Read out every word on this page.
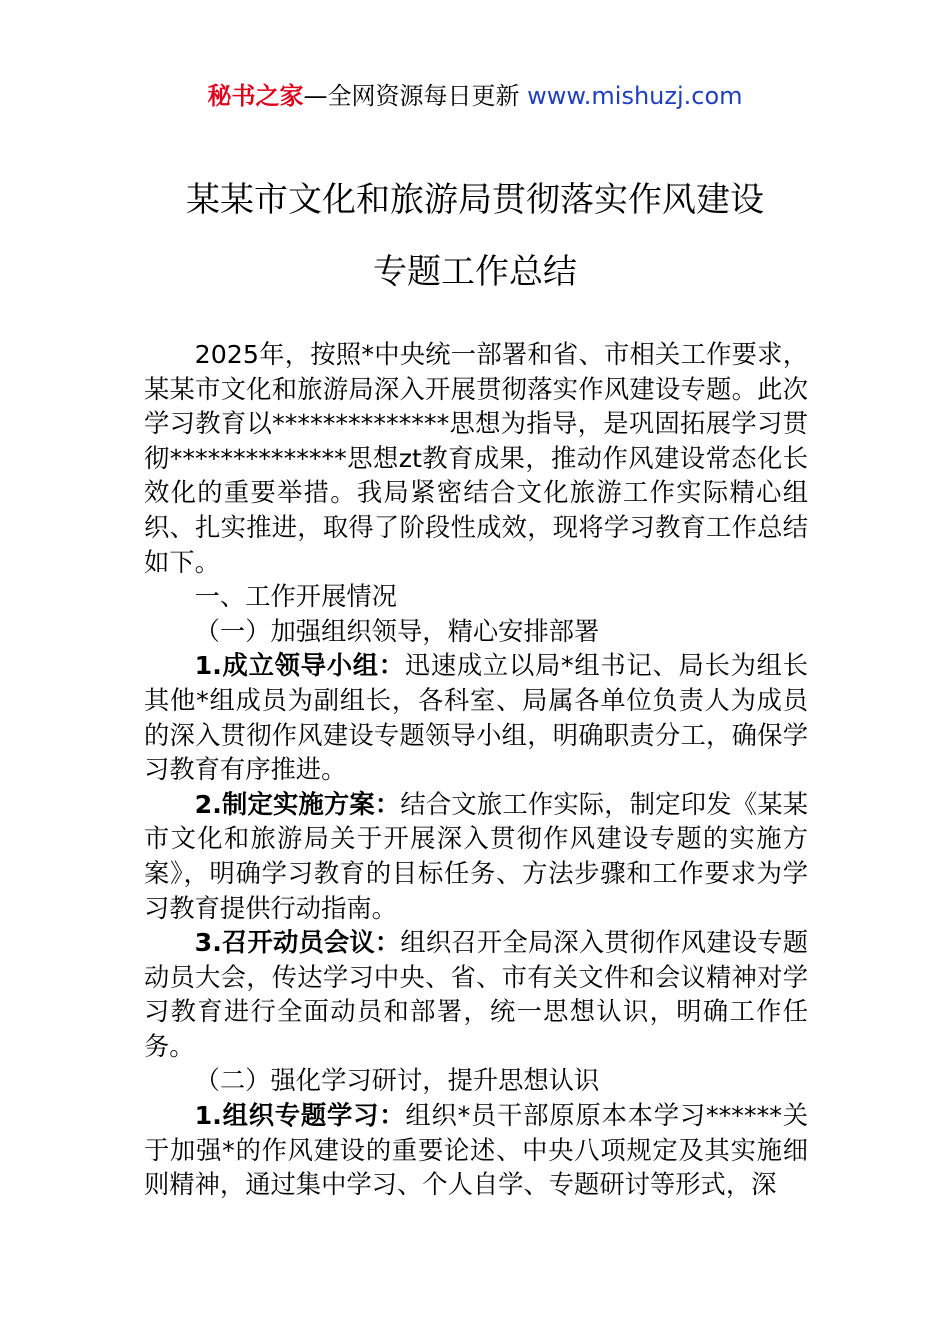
秘书之家—全网资源每日更新 www.mishuzj.com
某某市文化和旅游局贯彻落实作风建设
专题工作总结

2025年，按照*中央统一部署和省、市相关工作要求，某某市文化和旅游局深入开展贯彻落实作风建设专题。此次学习教育以**************思想为指导，是巩固拓展学习贯彻**************思想zt教育成果，推动作风建设常态化长效化的重要举措。我局紧密结合文化旅游工作实际精心组织、扎实推进，取得了阶段性成效，现将学习教育工作总结如下。

一、工作开展情况

（一）加强组织领导，精心安排部署

1.成立领导小组：迅速成立以局*组书记、局长为组长其他*组成员为副组长，各科室、局属各单位负责人为成员的深入贯彻作风建设专题领导小组，明确职责分工，确保学习教育有序推进。

2.制定实施方案：结合文旅工作实际，制定印发《某某市文化和旅游局关于开展深入贯彻作风建设专题的实施方案》，明确学习教育的目标任务、方法步骤和工作要求为学习教育提供行动指南。

3.召开动员会议：组织召开全局深入贯彻作风建设专题动员大会，传达学习中央、省、市有关文件和会议精神对学习教育进行全面动员和部署，统一思想认识，明确工作任务。

（二）强化学习研讨，提升思想认识

1.组织专题学习：组织*员干部原原本本学习******关于加强*的作风建设的重要论述、中央八项规定及其实施细则精神，通过集中学习、个人自学、专题研讨等形式，深
